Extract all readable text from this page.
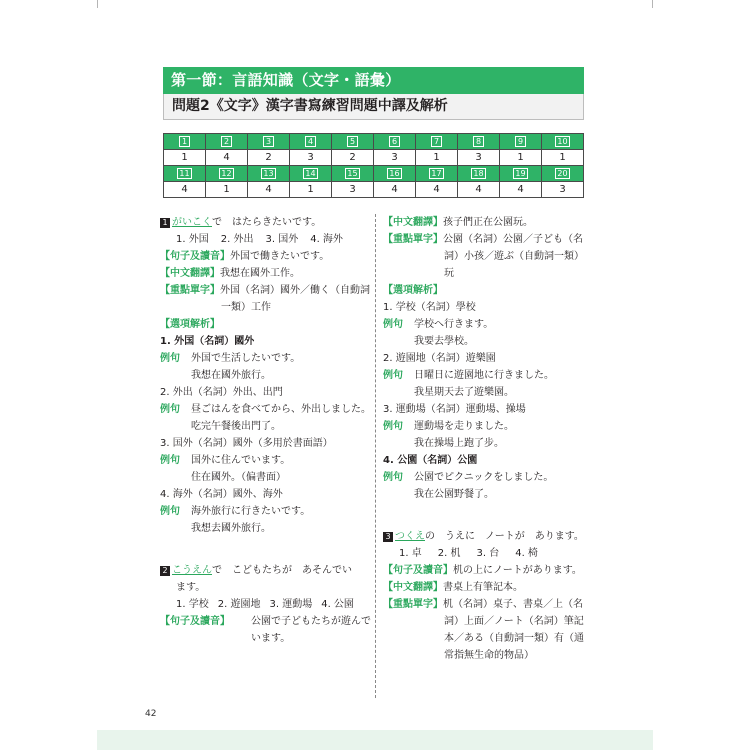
第一節：言語知識（文字・語彙）
問題2《文字》漢字書寫練習問題中譯及解析
1	2	3	4	5	6	7	8	9	10
1	4	2	3	2	3	1	3	1	1
11	12	13	14	15	16	17	18	19	20
4	1	4	1	3	4	4	4	4	3
1 がいこくで　はたらきたいです。
1. 外国 2. 外出 3. 国外 4. 海外
【句子及讀音】外国で働きたいです。
【中文翻譯】我想在國外工作。
【重點單字】外国（名詞）國外／働く（自動詞一類）工作
【選項解析】
1. 外国（名詞）國外
例句 外国で生活したいです。
我想在國外旅行。
2. 外出（名詞）外出、出門
例句 昼ごはんを食べてから、外出しました。
吃完午餐後出門了。
3. 国外（名詞）國外（多用於書面語）
例句 国外に住んでいます。
住在國外。（偏書面）
4. 海外（名詞）國外、海外
例句 海外旅行に行きたいです。
我想去國外旅行。
2 こうえんで　こどもたちが　あそんでい
ます。
1. 学校 2. 遊園地 3. 運動場 4. 公園
【句子及讀音】 公園で子どもたちが遊んで
います。
【中文翻譯】孩子們正在公園玩。
【重點單字】公園（名詞）公園／子ども（名詞）小孩／遊ぶ（自動詞一類）玩
【選項解析】
1. 学校（名詞）學校
例句 学校へ行きます。
我要去學校。
2. 遊園地（名詞）遊樂園
例句 日曜日に遊園地に行きました。
我星期天去了遊樂園。
3. 運動場（名詞）運動場、操場
例句 運動場を走りました。
我在操場上跑了步。
4. 公園（名詞）公園
例句 公園でピクニックをしました。
我在公園野餐了。
3 つくえの　うえに　ノートが　あります。
1. 卓 2. 机 3. 台 4. 椅
【句子及讀音】机の上にノートがあります。
【中文翻譯】書桌上有筆記本。
【重點單字】机（名詞）桌子、書桌／上（名詞）上面／ノート（名詞）筆記本／ある（自動詞一類）有（通常指無生命的物品）
42
